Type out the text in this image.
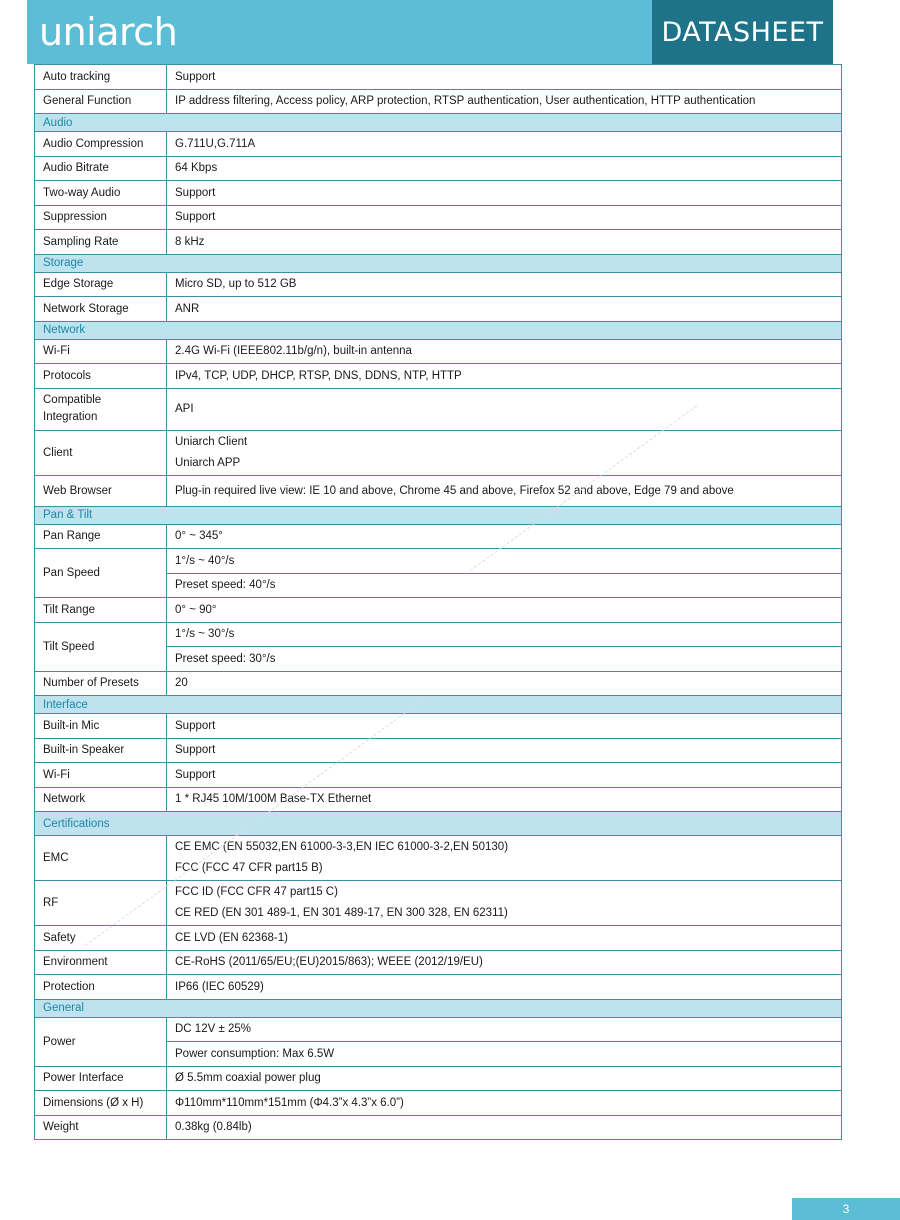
uniarch	DATASHEET
Auto tracking	Support
General Function	IP address filtering, Access policy, ARP protection, RTSP authentication, User authentication, HTTP authentication
Audio	
Audio Compression	G.711U,G.711A
Audio Bitrate	64 Kbps
Two-way Audio	Support
Suppression	Support
Sampling Rate	8 kHz
Storage	
Edge Storage	Micro SD, up to 512 GB
Network Storage	ANR
Network	
Wi-Fi	2.4G Wi-Fi (IEEE802.11b/g/n), built-in antenna
Protocols	IPv4, TCP, UDP, DHCP, RTSP, DNS, DDNS, NTP, HTTP
Compatible Integration	API
Client	Uniarch Client
Uniarch APP

Web Browser	Plug-in required live view: IE 10 and above, Chrome 45 and above, Firefox 52 and above, Edge 79 and above
Pan & Tilt	
Pan Range	0° ~ 345°
Pan Speed	1°/s ~ 40°/s
	Preset speed: 40°/s
Tilt Range	0° ~ 90°
Tilt Speed	1°/s ~ 30°/s
	Preset speed: 30°/s
Number of Presets	20
Interface	
Built-in Mic	Support
Built-in Speaker	Support
Wi-Fi	Support
Network	1 * RJ45 10M/100M Base-TX Ethernet
Certifications	
EMC	CE EMC (EN 55032,EN 61000-3-3,EN IEC 61000-3-2,EN 50130)
FCC (FCC 47 CFR part15 B)

RF	FCC ID (FCC CFR 47 part15 C)
CE RED (EN 301 489-1, EN 301 489-17, EN 300 328, EN 62311)

Safety	CE LVD (EN 62368-1)
Environment	CE-RoHS (2011/65/EU;(EU)2015/863); WEEE (2012/19/EU)
Protection	IP66 (IEC 60529)
General	
Power	DC 12V ± 25%
	Power consumption: Max 6.5W
Power Interface	Ø 5.5mm coaxial power plug
Dimensions (Ø x H)	Φ110mm*110mm*151mm (Φ4.3”x 4.3”x 6.0”)
Weight	0.38kg (0.84lb)
3
